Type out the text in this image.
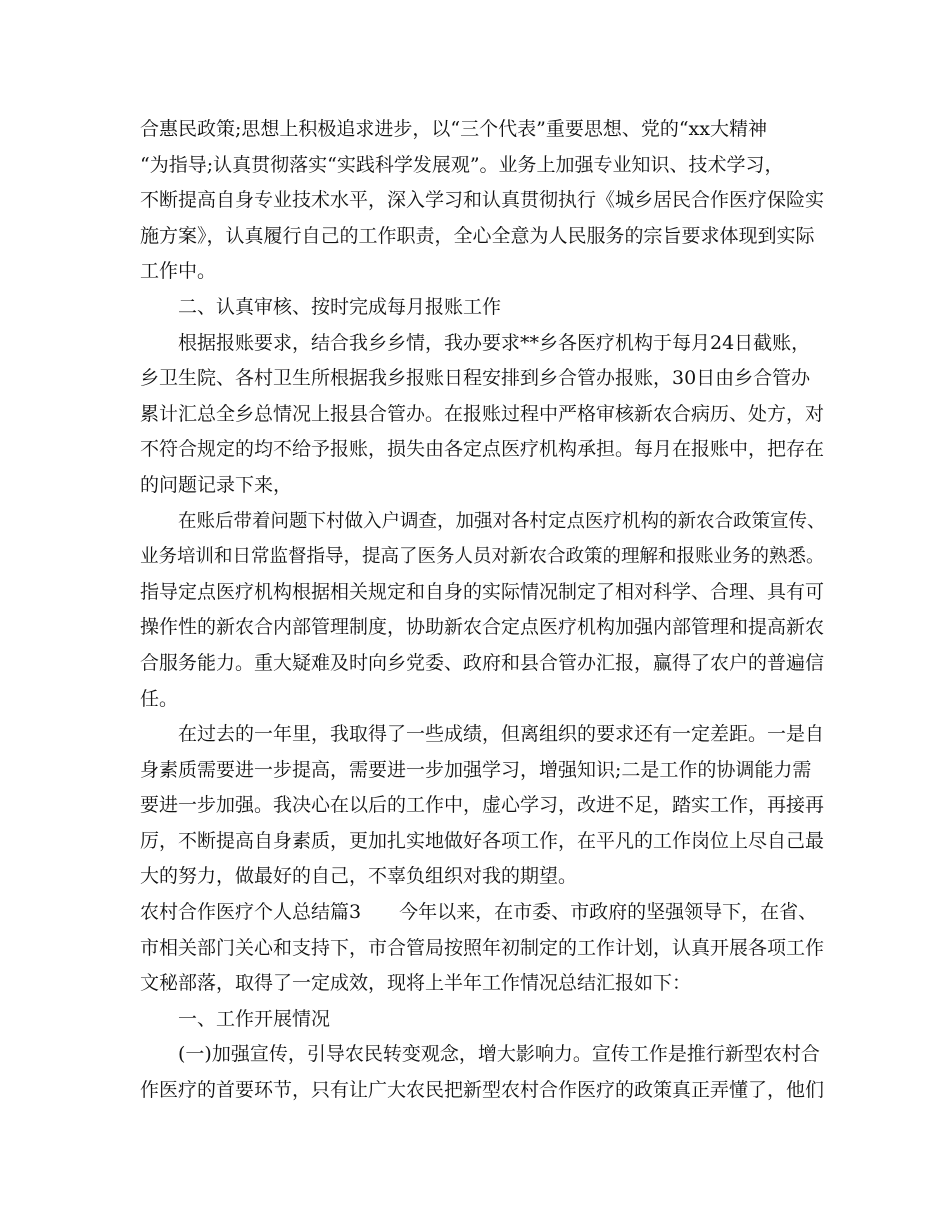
合惠民政策;思想上积极追求进步，以“三个代表”重要思想、党的“xx大精神
“为指导;认真贯彻落实“实践科学发展观”。业务上加强专业知识、技术学习，
不断提高自身专业技术水平，深入学习和认真贯彻执行《城乡居民合作医疗保险实
施方案》，认真履行自己的工作职责，全心全意为人民服务的宗旨要求体现到实际
工作中。
二、认真审核、按时完成每月报账工作
根据报账要求，结合我乡乡情，我办要求**乡各医疗机构于每月24日截账，
乡卫生院、各村卫生所根据我乡报账日程安排到乡合管办报账，30日由乡合管办
累计汇总全乡总情况上报县合管办。在报账过程中严格审核新农合病历、处方，对
不符合规定的均不给予报账，损失由各定点医疗机构承担。每月在报账中，把存在
的问题记录下来，
在账后带着问题下村做入户调查，加强对各村定点医疗机构的新农合政策宣传、
业务培训和日常监督指导，提高了医务人员对新农合政策的理解和报账业务的熟悉。
指导定点医疗机构根据相关规定和自身的实际情况制定了相对科学、合理、具有可
操作性的新农合内部管理制度，协助新农合定点医疗机构加强内部管理和提高新农
合服务能力。重大疑难及时向乡党委、政府和县合管办汇报，赢得了农户的普遍信
任。
在过去的一年里，我取得了一些成绩，但离组织的要求还有一定差距。一是自
身素质需要进一步提高，需要进一步加强学习，增强知识;二是工作的协调能力需
要进一步加强。我决心在以后的工作中，虚心学习，改进不足，踏实工作，再接再
厉，不断提高自身素质，更加扎实地做好各项工作，在平凡的工作岗位上尽自己最
大的努力，做最好的自己，不辜负组织对我的期望。
农村合作医疗个人总结篇3　　今年以来，在市委、市政府的坚强领导下，在省、
市相关部门关心和支持下，市合管局按照年初制定的工作计划，认真开展各项工作
文秘部落，取得了一定成效，现将上半年工作情况总结汇报如下：
一、工作开展情况
(一)加强宣传，引导农民转变观念，增大影响力。宣传工作是推行新型农村合
作医疗的首要环节，只有让广大农民把新型农村合作医疗的政策真正弄懂了，他们
